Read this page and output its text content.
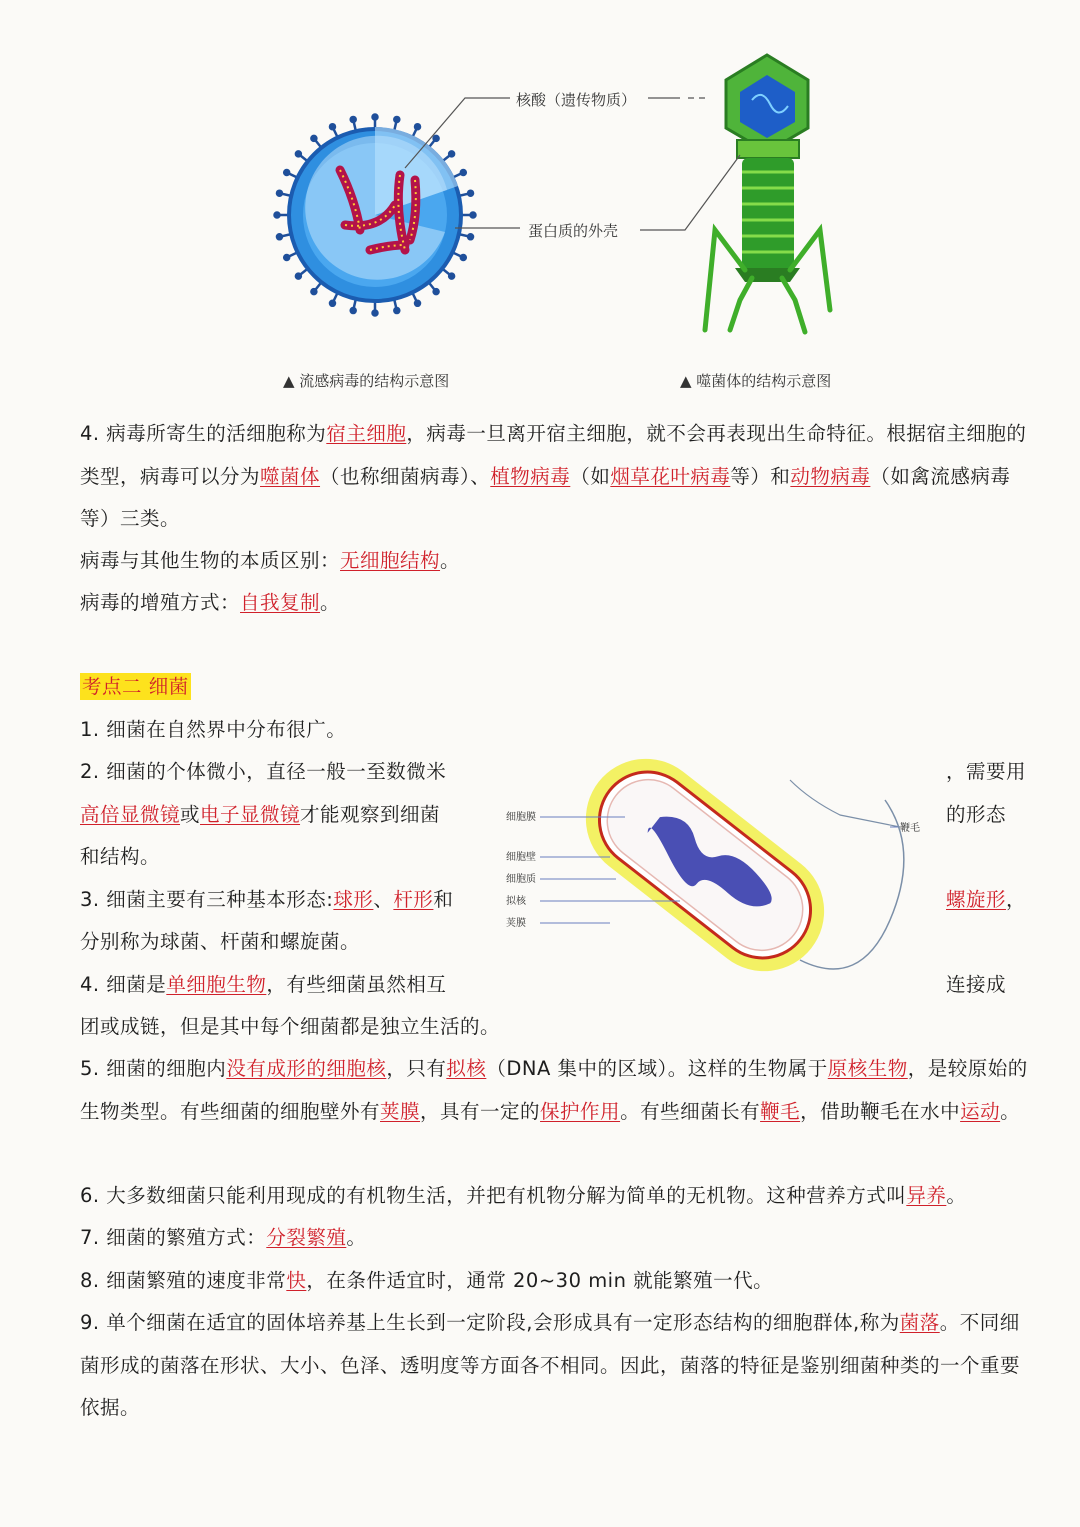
核酸（遗传物质）
蛋白质的外壳
▲ 流感病毒的结构示意图	▲ 噬菌体的结构示意图
4. 病毒所寄生的活细胞称为宿主细胞，病毒一旦离开宿主细胞，就不会再表现出生命特征。根据宿主细胞的类型，病毒可以分为噬菌体（也称细菌病毒）、植物病毒（如烟草花叶病毒等）和动物病毒（如禽流感病毒等）三类。
病毒与其他生物的本质区别：无细胞结构。
病毒的增殖方式：自我复制。
考点二 细菌
1. 细菌在自然界中分布很广。
2. 细菌的个体微小，直径一般一至数微米	，需要用
高倍显微镜或电子显微镜才能观察到细菌	的形态
和结构。
3. 细菌主要有三种基本形态:球形、杆形和	螺旋形，
分别称为球菌、杆菌和螺旋菌。
4. 细菌是单细胞生物，有些细菌虽然相互	连接成
团或成链，但是其中每个细菌都是独立生活的。
细胞膜
细胞壁
细胞质
拟核
荚膜
鞭毛
5. 细菌的细胞内没有成形的细胞核，只有拟核（DNA 集中的区域）。这样的生物属于原核生物，是较原始的生物类型。有些细菌的细胞壁外有荚膜，具有一定的保护作用。有些细菌长有鞭毛，借助鞭毛在水中运动。
6. 大多数细菌只能利用现成的有机物生活，并把有机物分解为简单的无机物。这种营养方式叫异养。
7. 细菌的繁殖方式：分裂繁殖。
8. 细菌繁殖的速度非常快，在条件适宜时，通常 20~30 min 就能繁殖一代。
9. 单个细菌在适宜的固体培养基上生长到一定阶段,会形成具有一定形态结构的细胞群体,称为菌落。不同细菌形成的菌落在形状、大小、色泽、透明度等方面各不相同。因此，菌落的特征是鉴别细菌种类的一个重要依据。
